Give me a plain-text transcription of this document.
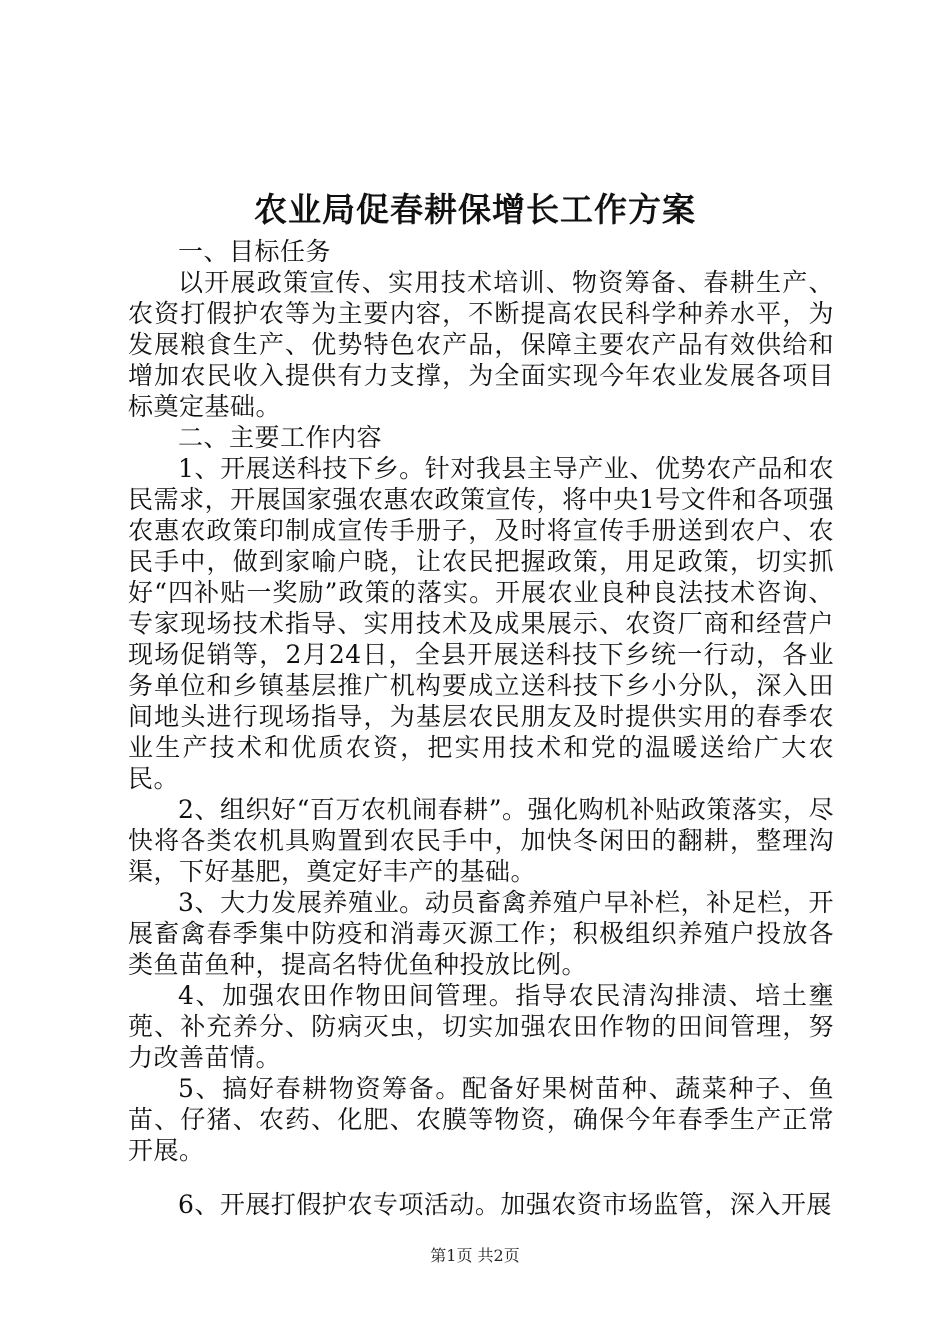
农业局促春耕保增长工作方案

一、目标任务

以开展政策宣传、实用技术培训、物资筹备、春耕生产、农资打假护农等为主要内容，不断提高农民科学种养水平，为发展粮食生产、优势特色农产品，保障主要农产品有效供给和增加农民收入提供有力支撑，为全面实现今年农业发展各项目标奠定基础。

二、主要工作内容

1、开展送科技下乡。针对我县主导产业、优势农产品和农民需求，开展国家强农惠农政策宣传，将中央1号文件和各项强农惠农政策印制成宣传手册子，及时将宣传手册送到农户、农民手中，做到家喻户晓，让农民把握政策，用足政策，切实抓好“四补贴一奖励”政策的落实。开展农业良种良法技术咨询、专家现场技术指导、实用技术及成果展示、农资厂商和经营户现场促销等，2月24日，全县开展送科技下乡统一行动，各业务单位和乡镇基层推广机构要成立送科技下乡小分队，深入田间地头进行现场指导，为基层农民朋友及时提供实用的春季农业生产技术和优质农资，把实用技术和党的温暖送给广大农民。

2、组织好“百万农机闹春耕”。强化购机补贴政策落实，尽快将各类农机具购置到农民手中，加快冬闲田的翻耕，整理沟渠，下好基肥，奠定好丰产的基础。

3、大力发展养殖业。动员畜禽养殖户早补栏，补足栏，开展畜禽春季集中防疫和消毒灭源工作；积极组织养殖户投放各类鱼苗鱼种，提高名特优鱼种投放比例。

4、加强农田作物田间管理。指导农民清沟排渍、培土壅蔸、补充养分、防病灭虫，切实加强农田作物的田间管理，努力改善苗情。

5、搞好春耕物资筹备。配备好果树苗种、蔬菜种子、鱼苗、仔猪、农药、化肥、农膜等物资，确保今年春季生产正常开展。

6、开展打假护农专项活动。加强农资市场监管，深入开展

第1页 共2页
